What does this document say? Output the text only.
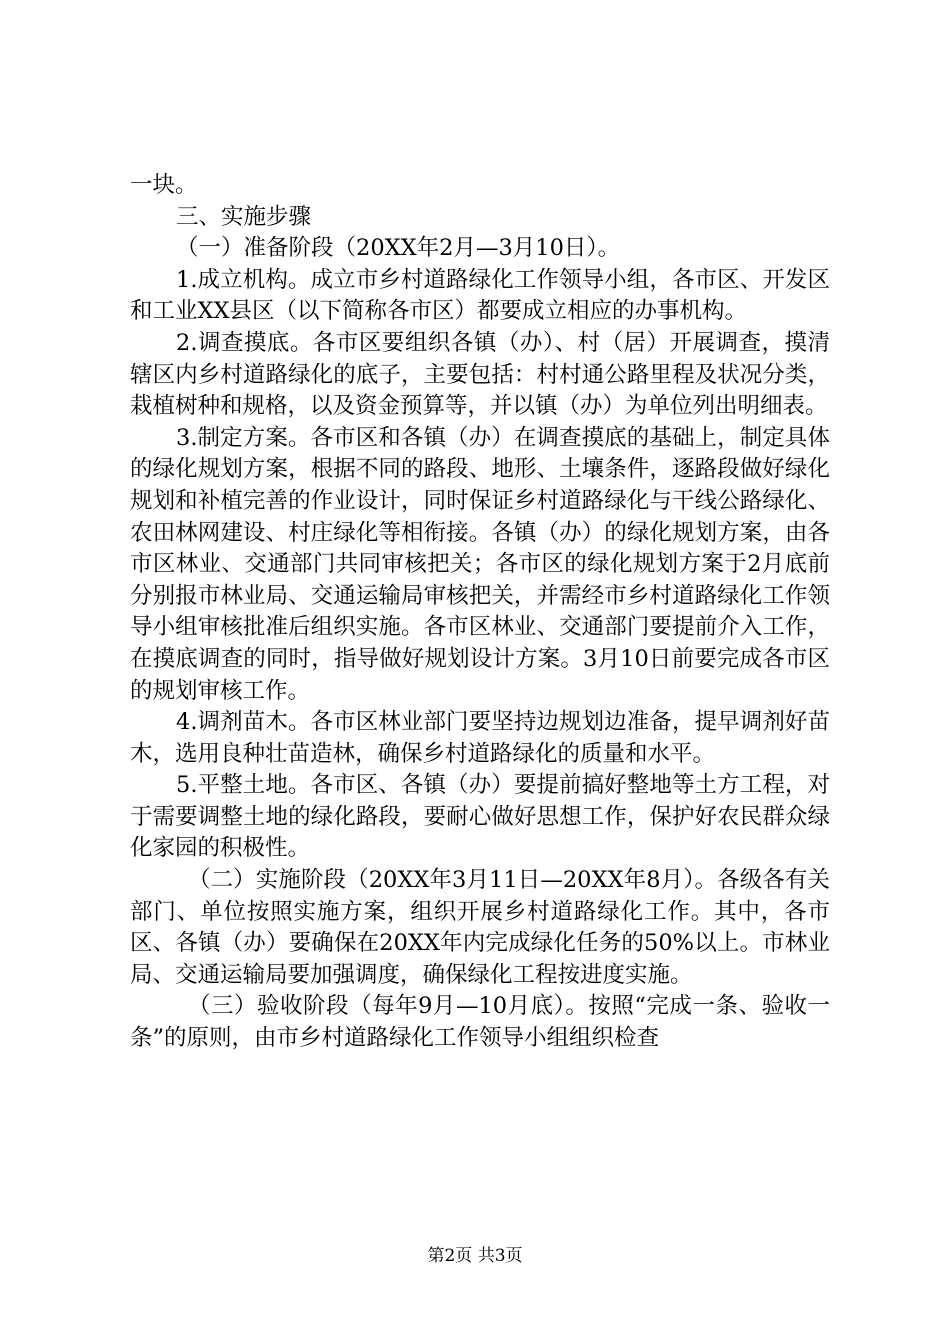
一块。

三、实施步骤

（一）准备阶段（20XX年2月—3月10日）。

1.成立机构。成立市乡村道路绿化工作领导小组，各市区、开发区和工业XX县区（以下简称各市区）都要成立相应的办事机构。

2.调查摸底。各市区要组织各镇（办）、村（居）开展调查，摸清辖区内乡村道路绿化的底子，主要包括：村村通公路里程及状况分类，栽植树种和规格，以及资金预算等，并以镇（办）为单位列出明细表。

3.制定方案。各市区和各镇（办）在调查摸底的基础上，制定具体的绿化规划方案，根据不同的路段、地形、土壤条件，逐路段做好绿化规划和补植完善的作业设计，同时保证乡村道路绿化与干线公路绿化、农田林网建设、村庄绿化等相衔接。各镇（办）的绿化规划方案，由各市区林业、交通部门共同审核把关；各市区的绿化规划方案于2月底前分别报市林业局、交通运输局审核把关，并需经市乡村道路绿化工作领导小组审核批准后组织实施。各市区林业、交通部门要提前介入工作，在摸底调查的同时，指导做好规划设计方案。3月10日前要完成各市区的规划审核工作。

4.调剂苗木。各市区林业部门要坚持边规划边准备，提早调剂好苗木，选用良种壮苗造林，确保乡村道路绿化的质量和水平。

5.平整土地。各市区、各镇（办）要提前搞好整地等土方工程，对于需要调整土地的绿化路段，要耐心做好思想工作，保护好农民群众绿化家园的积极性。

（二）实施阶段（20XX年3月11日—20XX年8月）。各级各有关部门、单位按照实施方案，组织开展乡村道路绿化工作。其中，各市区、各镇（办）要确保在20XX年内完成绿化任务的50%以上。市林业局、交通运输局要加强调度，确保绿化工程按进度实施。

（三）验收阶段（每年9月—10月底）。按照“完成一条、验收一条”的原则，由市乡村道路绿化工作领导小组组织检查

第2页 共3页
